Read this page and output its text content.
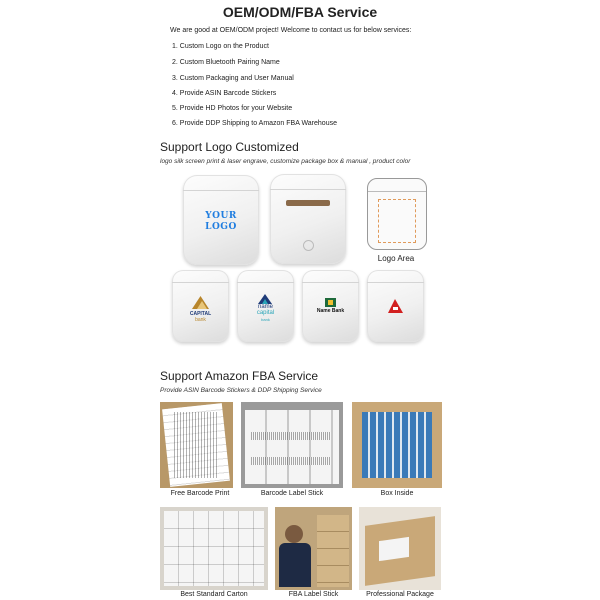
OEM/ODM/FBA Service
We are good at OEM/ODM project! Welcome to contact us for below services:
1. Custom Logo on the Product
2. Custom Bluetooth Pairing Name
3. Custom Packaging and User Manual
4. Provide ASIN Barcode Stickers
5. Provide HD Photos for your Website
6. Provide DDP Shipping to Amazon FBA Warehouse
Support Logo Customized
logo silk screen print & laser engrave, customize package box & manual , product color
YOUR
LOGO
Logo Area
CAPITAL
bank
name
capital
bank
Name Bank
Support Amazon FBA Service
Provide ASIN Barcode Stickers & DDP Shipping Service
Free Barcode Print	Barcode Label Stick	Box Inside
Best Standard Carton	FBA Label Stick	Professional Package
